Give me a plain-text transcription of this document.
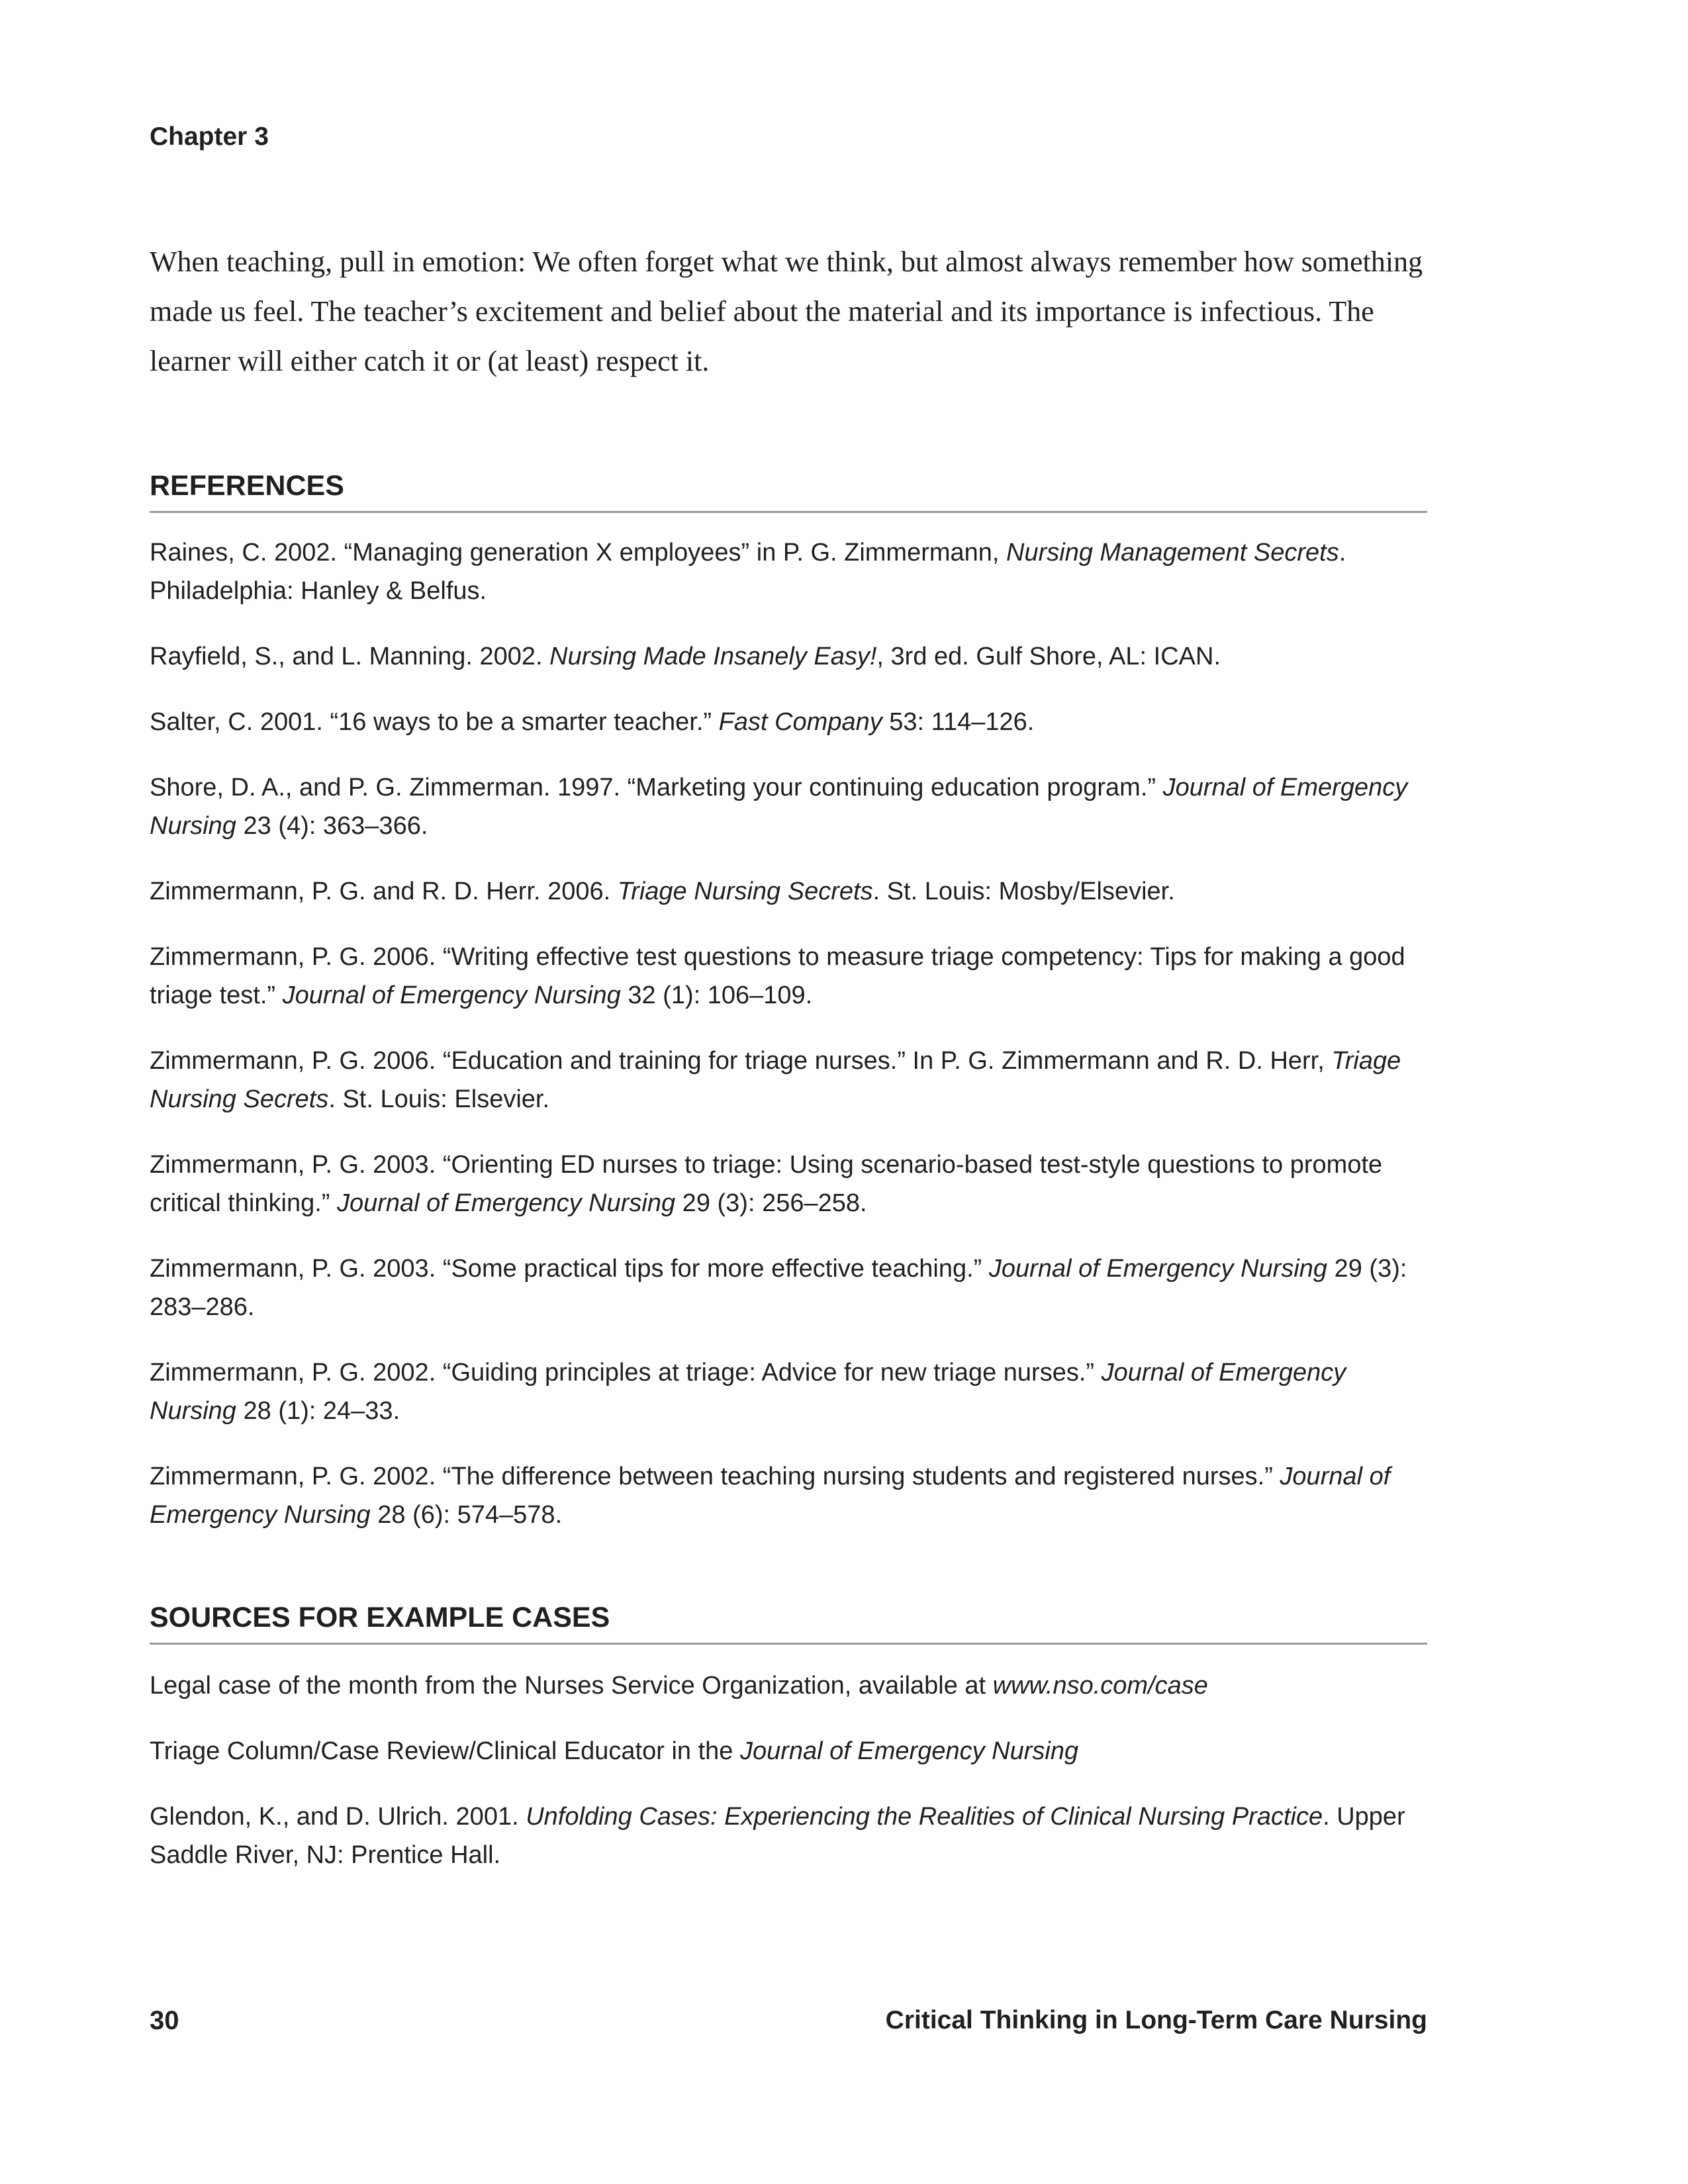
Chapter 3

When teaching, pull in emotion: We often forget what we think, but almost always remember how something made us feel. The teacher’s excitement and belief about the material and its importance is infectious. The learner will either catch it or (at least) respect it.

REFERENCES
Raines, C. 2002. “Managing generation X employees” in P. G. Zimmermann, Nursing Management Secrets. Philadelphia: Hanley & Belfus.
Rayfield, S., and L. Manning. 2002. Nursing Made Insanely Easy!, 3rd ed. Gulf Shore, AL: ICAN.
Salter, C. 2001. “16 ways to be a smarter teacher.” Fast Company 53: 114–126.
Shore, D. A., and P. G. Zimmerman. 1997. “Marketing your continuing education program.” Journal of Emergency Nursing 23 (4): 363–366.
Zimmermann, P. G. and R. D. Herr. 2006. Triage Nursing Secrets. St. Louis: Mosby/Elsevier.
Zimmermann, P. G. 2006. “Writing effective test questions to measure triage competency: Tips for making a good triage test.” Journal of Emergency Nursing 32 (1): 106–109.
Zimmermann, P. G. 2006. “Education and training for triage nurses.” In P. G. Zimmermann and R. D. Herr, Triage Nursing Secrets. St. Louis: Elsevier.
Zimmermann, P. G. 2003. “Orienting ED nurses to triage: Using scenario-based test-style questions to promote critical thinking.” Journal of Emergency Nursing 29 (3): 256–258.
Zimmermann, P. G. 2003. “Some practical tips for more effective teaching.” Journal of Emergency Nursing 29 (3): 283–286.
Zimmermann, P. G. 2002. “Guiding principles at triage: Advice for new triage nurses.” Journal of Emergency Nursing 28 (1): 24–33.
Zimmermann, P. G. 2002. “The difference between teaching nursing students and registered nurses.” Journal of Emergency Nursing 28 (6): 574–578.
SOURCES FOR EXAMPLE CASES
Legal case of the month from the Nurses Service Organization, available at www.nso.com/case
Triage Column/Case Review/Clinical Educator in the Journal of Emergency Nursing
Glendon, K., and D. Ulrich. 2001. Unfolding Cases: Experiencing the Realities of Clinical Nursing Practice. Upper Saddle River, NJ: Prentice Hall.
30	Critical Thinking in Long-Term Care Nursing
